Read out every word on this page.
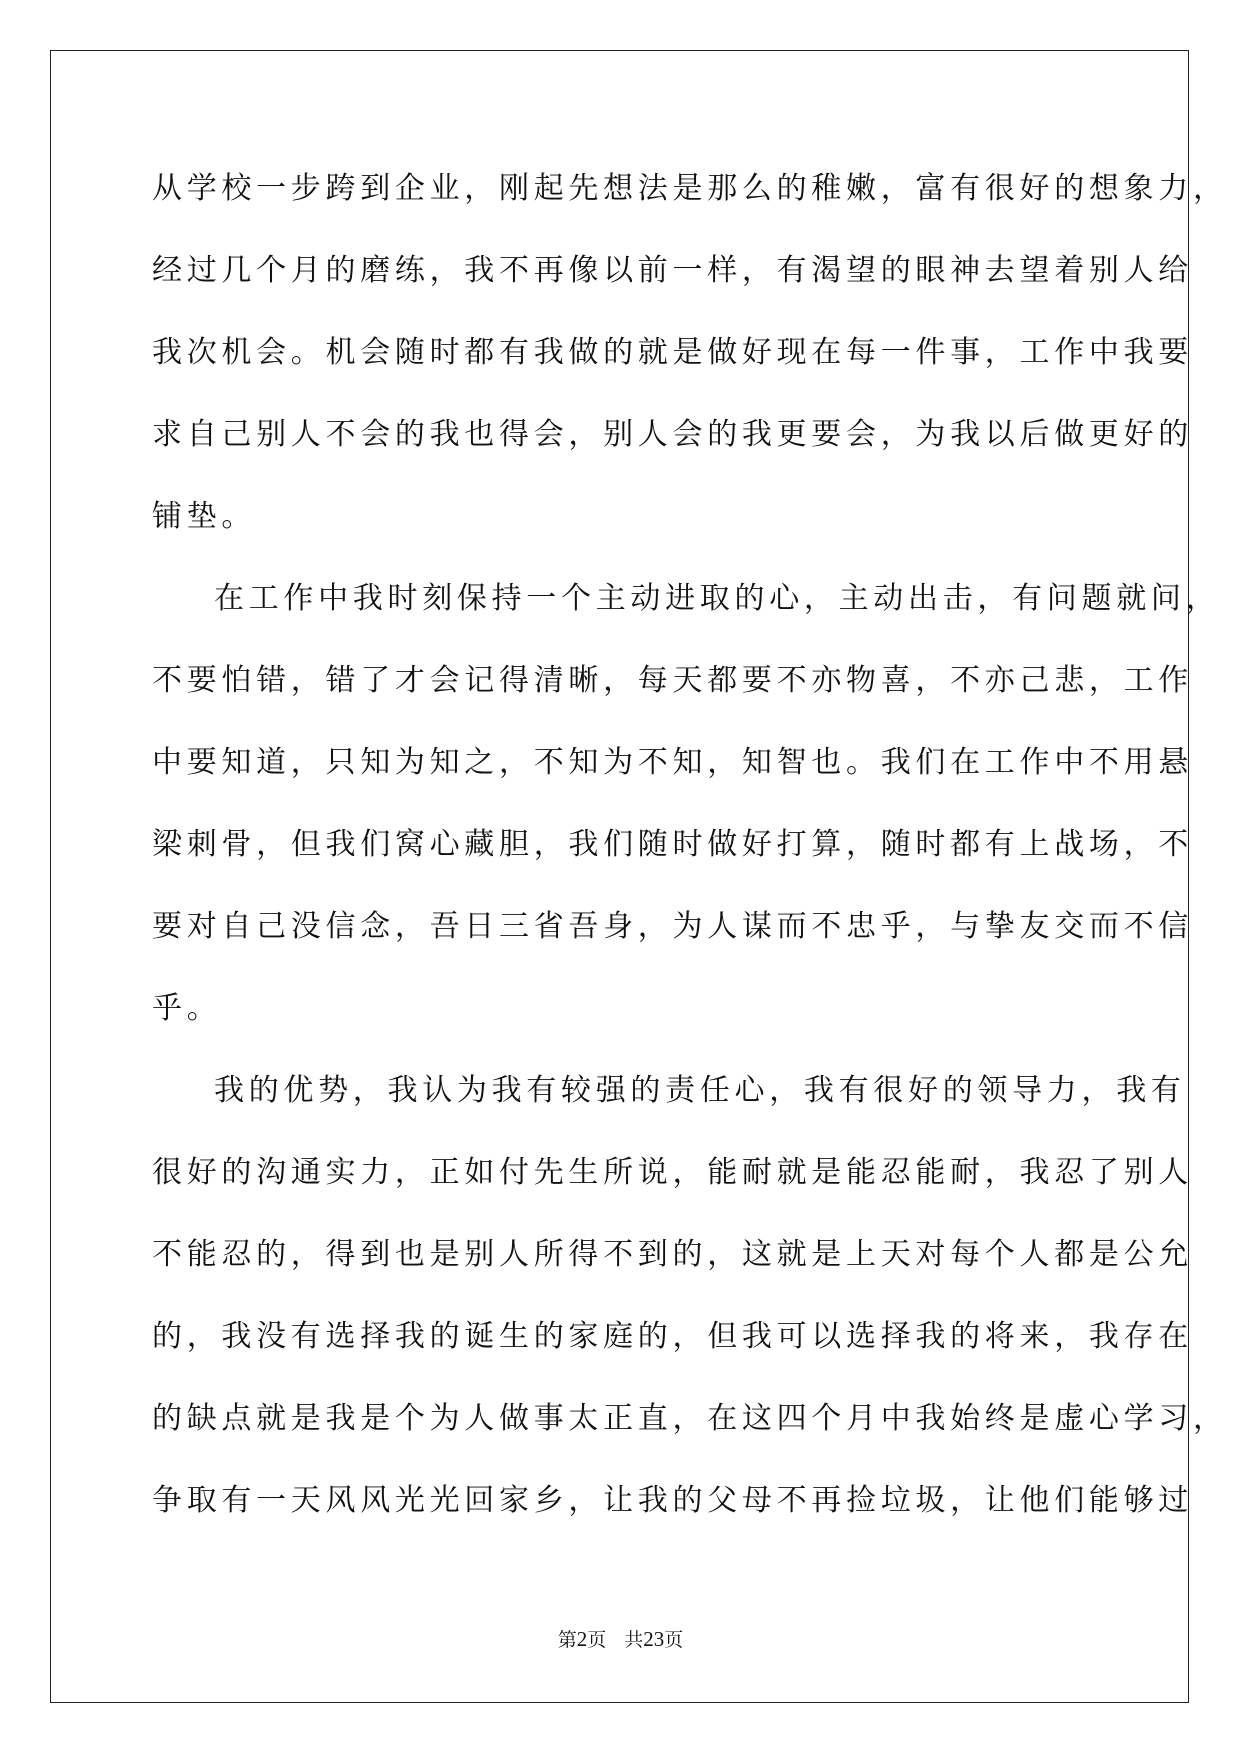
从学校一步跨到企业，刚起先想法是那么的稚嫩，富有很好的想象力，
经过几个月的磨练，我不再像以前一样，有渴望的眼神去望着别人给
我次机会。机会随时都有我做的就是做好现在每一件事，工作中我要
求自己别人不会的我也得会，别人会的我更要会，为我以后做更好的
铺垫。
在工作中我时刻保持一个主动进取的心，主动出击，有问题就问，
不要怕错，错了才会记得清晰，每天都要不亦物喜，不亦己悲，工作
中要知道，只知为知之，不知为不知，知智也。我们在工作中不用悬
梁刺骨，但我们窝心藏胆，我们随时做好打算，随时都有上战场，不
要对自己没信念，吾日三省吾身，为人谋而不忠乎，与挚友交而不信
乎。
我的优势，我认为我有较强的责任心，我有很好的领导力，我有
很好的沟通实力，正如付先生所说，能耐就是能忍能耐，我忍了别人
不能忍的，得到也是别人所得不到的，这就是上天对每个人都是公允
的，我没有选择我的诞生的家庭的，但我可以选择我的将来，我存在
的缺点就是我是个为人做事太正直，在这四个月中我始终是虚心学习，
争取有一天风风光光回家乡，让我的父母不再捡垃圾，让他们能够过
第2页 共23页
